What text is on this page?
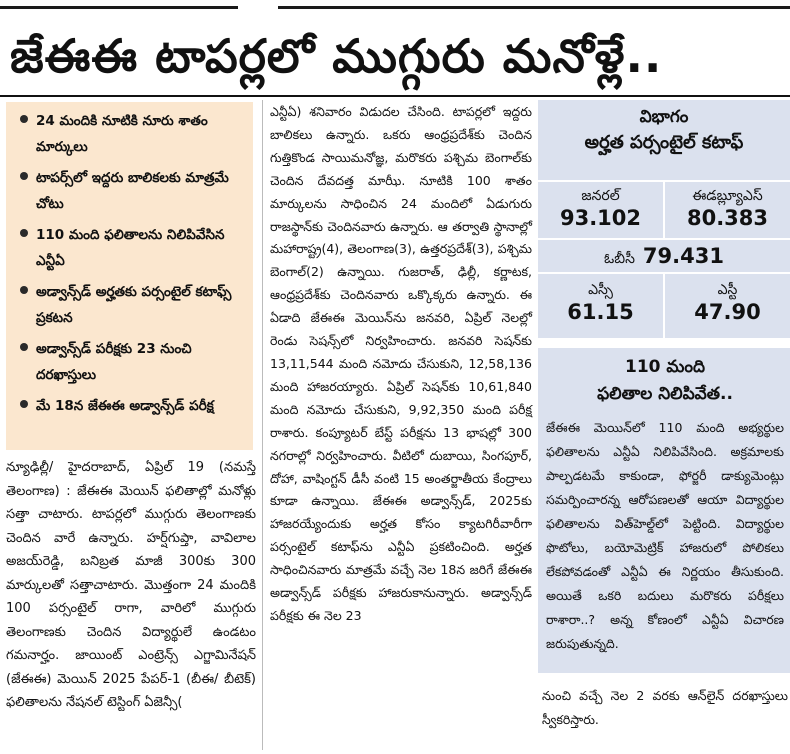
జేఈఈ టాపర్లలో ముగ్గురు మనోళ్లే..
24 మందికి నూటికి నూరు శాతం మార్కులు
టాపర్స్‌లో ఇద్దరు బాలికలకు మాత్రమే చోటు
110 మంది ఫలితాలను నిలిపివేసిన ఎన్టీఏ
అడ్వాన్స్‌డ్ అర్హతకు పర్సంటైల్ కటాఫ్స్ ప్రకటన
అడ్వాన్స్‌డ్ పరీక్షకు 23 నుంచి దరఖాస్తులు
మే 18న జేఈఈ అడ్వాన్స్‌డ్ పరీక్ష
న్యూఢిల్లీ/ హైదరాబాద్, ఏప్రిల్ 19 (నమస్తే తెలంగాణ) : జేఈఈ మెయిన్ ఫలితాల్లో మనోళ్లు సత్తా చాటారు. టాపర్లలో ముగ్గురు తెలంగాణకు చెందిన వారే ఉన్నారు. హర్ష్‌గుప్తా, వావిలాల అజయ్‌రెడ్డి, బనిబ్రత మాజీ 300కు 300 మార్కులతో సత్తాచాటారు. మొత్తంగా 24 మందికి 100 పర్సంటైల్ రాగా, వారిలో ముగ్గురు తెలంగాణకు చెందిన విద్యార్థులే ఉండటం గమనార్హం. జాయింట్ ఎంట్రెన్స్ ఎగ్జామినేషన్ (జేఈఈ) మెయిన్ 2025 పేపర్-1 (బీఈ/ బీటెక్) ఫలితాలను నేషనల్ టెస్టింగ్ ఏజెన్సీ(
ఎన్టీఏ) శనివారం విడుదల చేసింది. టాపర్లలో ఇద్దరు బాలికలు ఉన్నారు. ఒకరు ఆంధ్రప్రదేశ్‌కు చెందిన గుత్తికొండ సాయిమనోజ్ఞ, మరొకరు పశ్చిమ బెంగాల్‌కు చెందిన దేవదత్త మాఝీ. నూటికి 100 శాతం మార్కులను సాధించిన 24 మందిలో ఏడుగురు రాజస్థాన్‌కు చెందినవారు ఉన్నారు. ఆ తర్వాతి స్థానాల్లో మహారాష్ట్ర(4), తెలంగాణ(3), ఉత్తరప్రదేశ్(3), పశ్చిమ బెంగాల్(2) ఉన్నాయి. గుజరాత్, ఢిల్లీ, కర్ణాటక, ఆంధ్రప్రదేశ్‌కు చెందినవారు ఒక్కొక్కరు ఉన్నారు. ఈ ఏడాది జేఈఈ మెయిన్‌ను జనవరి, ఏప్రిల్ నెలల్లో రెండు సెషన్స్‌లో నిర్వహించారు. జనవరి సెషన్‌కు 13,11,544 మంది నమోదు చేసుకుని, 12,58,136 మంది హాజరయ్యారు. ఏప్రిల్ సెషన్‌కు 10,61,840 మంది నమోదు చేసుకుని, 9,92,350 మంది పరీక్ష రాశారు. కంప్యూటర్ బేస్ట్ పరీక్షను 13 భాషల్లో 300 నగరాల్లో నిర్వహించారు. వీటిలో దుబాయి, సింగపూర్, దోహా, వాషింగ్టన్ డీసీ వంటి 15 అంతర్జాతీయ కేంద్రాలు కూడా ఉన్నాయి. జేఈఈ అడ్వాన్స్‌డ్, 2025కు హాజరయ్యేందుకు అర్హత కోసం క్యాటగిరీవారీగా పర్సంటైల్ కటాఫ్‌ను ఎన్టీఏ ప్రకటించింది. అర్హత సాధించినవారు మాత్రమే వచ్చే నెల 18న జరిగే జేఈఈ అడ్వాన్స్‌డ్ పరీక్షకు హాజరుకానున్నారు. అడ్వాన్స్‌డ్ పరీక్షకు ఈ నెల 23
విభాగం
అర్హత పర్సంటైల్ కటాఫ్
జనరల్
93.102
ఈడబ్ల్యూఎస్
80.383
ఓబీసీ 79.431
ఎస్సీ
61.15
ఎస్టీ
47.90
110 మంది
ఫలితాల నిలిపివేత..
జేఈఈ మెయిన్‌లో 110 మంది అభ్యర్థుల ఫలితాలను ఎన్టీఏ నిలిపివేసింది. అక్రమాలకు పాల్పడటమే కాకుండా, ఫోర్జరీ డాక్యుమెంట్లు సమర్పించారన్న ఆరోపణలతో ఆయా విద్యార్థుల ఫలితాలను విత్‌హెల్డ్‌లో పెట్టింది. విద్యార్థుల ఫొటోలు, బయోమెట్రిక్ హాజరులో పోలికలు లేకపోవడంతో ఎన్టీఏ ఈ నిర్ణయం తీసుకుంది. అయితే ఒకరి బదులు మరొకరు పరీక్షలు రాశారా..? అన్న కోణంలో ఎన్టీఏ విచారణ జరుపుతున్నది.
నుంచి వచ్చే నెల 2 వరకు ఆన్‌లైన్ దరఖాస్తులు స్వీకరిస్తారు.
